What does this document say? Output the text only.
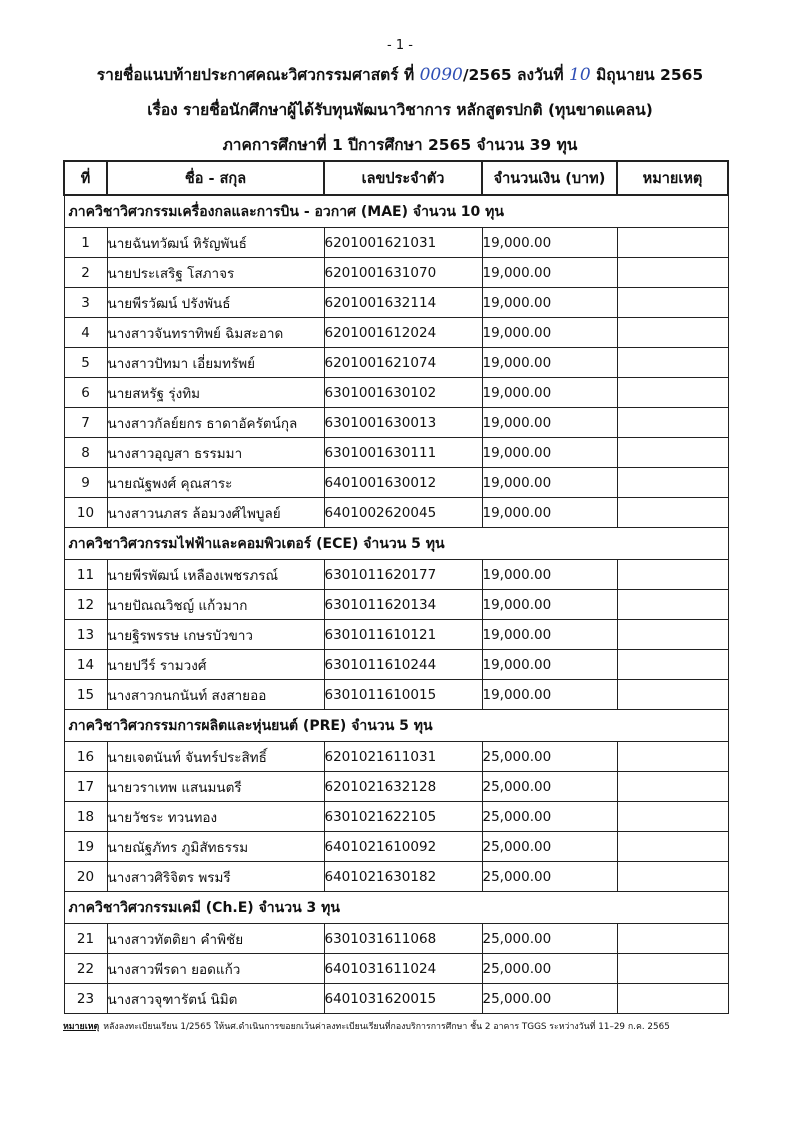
- 1 -
รายชื่อแนบท้ายประกาศคณะวิศวกรรมศาสตร์ ที่ 0090/2565 ลงวันที่ 10 มิถุนายน 2565
เรื่อง รายชื่อนักศึกษาผู้ได้รับทุนพัฒนาวิชาการ หลักสูตรปกติ (ทุนขาดแคลน)
ภาคการศึกษาที่ 1 ปีการศึกษา 2565 จำนวน 39 ทุน
ที่	ชื่อ - สกุล	เลขประจำตัว	จำนวนเงิน (บาท)	หมายเหตุ
ภาควิชาวิศวกรรมเครื่องกลและการบิน - อวกาศ (MAE) จำนวน 10 ทุน				
1	นายฉันทวัฒน์ หิรัญพันธ์	6201001621031	19,000.00	
2	นายประเสริฐ โสภาจร	6201001631070	19,000.00	
3	นายพีรวัฒน์ ปรังพันธ์	6201001632114	19,000.00	
4	นางสาวจันทราทิพย์ ฉิมสะอาด	6201001612024	19,000.00	
5	นางสาวปัทมา เอี่ยมทรัพย์	6201001621074	19,000.00	
6	นายสหรัฐ รุ่งทิม	6301001630102	19,000.00	
7	นางสาวกัลย์ยกร ธาดาอัครัตน์กุล	6301001630013	19,000.00	
8	นางสาวอุญสา ธรรมมา	6301001630111	19,000.00	
9	นายณัฐพงศ์ คุณสาระ	6401001630012	19,000.00	
10	นางสาวนภสร ล้อมวงศ์ไพบูลย์	6401002620045	19,000.00	
ภาควิชาวิศวกรรมไฟฟ้าและคอมพิวเตอร์ (ECE) จำนวน 5 ทุน				
11	นายพีรพัฒน์ เหลืองเพชรภรณ์	6301011620177	19,000.00	
12	นายปัณณวิชญ์ แก้วมาก	6301011620134	19,000.00	
13	นายฐิรพรรษ เกษรบัวขาว	6301011610121	19,000.00	
14	นายปวีร์ รามวงศ์	6301011610244	19,000.00	
15	นางสาวกนกนันท์ สงสายออ	6301011610015	19,000.00	
ภาควิชาวิศวกรรมการผลิตและหุ่นยนต์ (PRE) จำนวน 5 ทุน				
16	นายเจตนันท์ จันทร์ประสิทธิ์	6201021611031	25,000.00	
17	นายวราเทพ แสนมนตรี	6201021632128	25,000.00	
18	นายวัชระ ทวนทอง	6301021622105	25,000.00	
19	นายณัฐภัทร ภูมิสัทธรรม	6401021610092	25,000.00	
20	นางสาวศิริจิตร พรมรี	6401021630182	25,000.00	
ภาควิชาวิศวกรรมเคมี (Ch.E) จำนวน 3 ทุน				
21	นางสาวทัตติยา คำพิชัย	6301031611068	25,000.00	
22	นางสาวพีรดา ยอดแก้ว	6401031611024	25,000.00	
23	นางสาวจุฑารัตน์ นิมิต	6401031620015	25,000.00	
หมายเหตุ หลังลงทะเบียนเรียน 1/2565 ให้นศ.ดำเนินการขอยกเว้นค่าลงทะเบียนเรียนที่กองบริการการศึกษา ชั้น 2 อาคาร TGGS ระหว่างวันที่ 11–29 ก.ค. 2565
